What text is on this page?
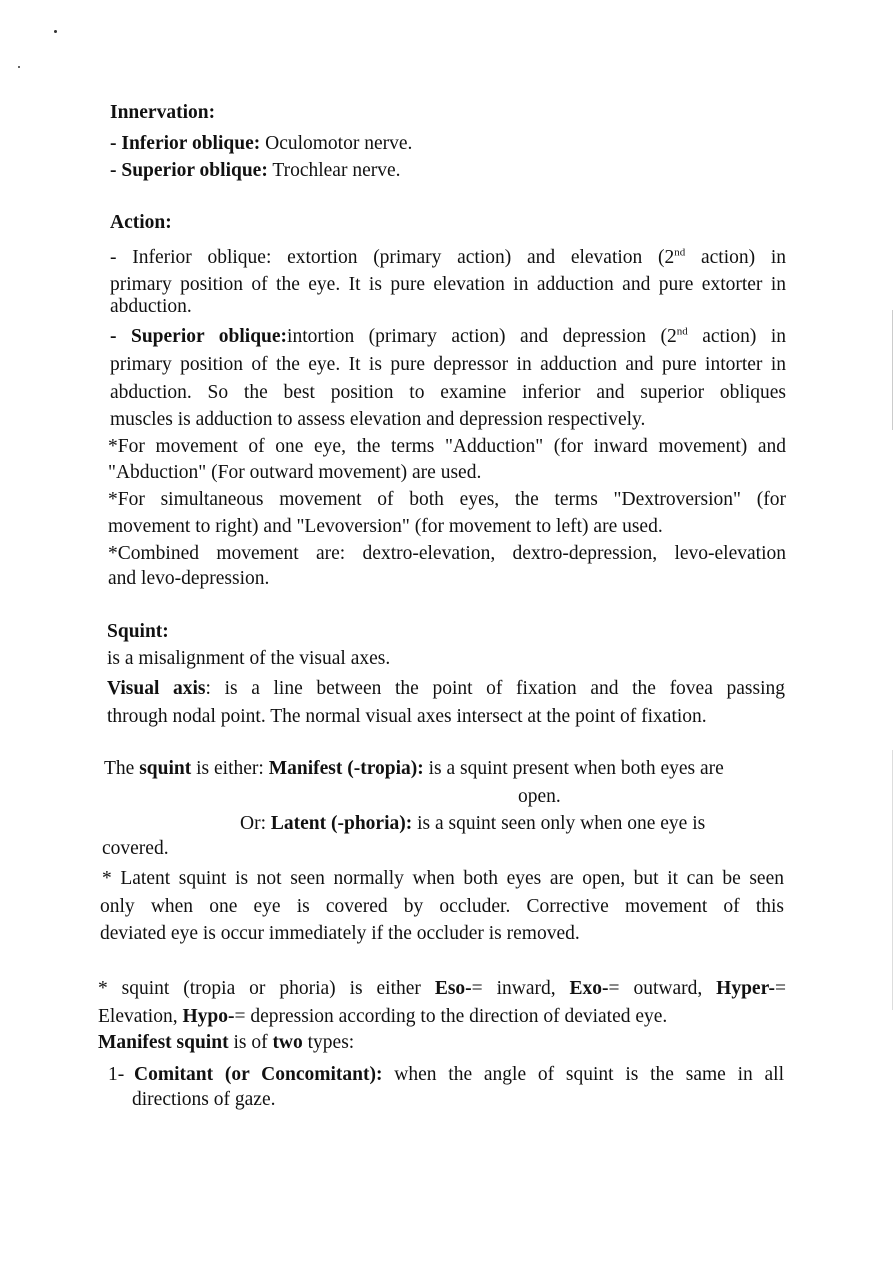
Innervation:
- Inferior oblique: Oculomotor nerve.
- Superior oblique: Trochlear nerve.
Action:
- Inferior oblique: extortion (primary action) and elevation (2nd action) in
primary position of the eye. It is pure elevation in adduction and pure extorter in
abduction.
- Superior oblique:intortion (primary action) and depression (2nd action) in
primary position of the eye. It is pure depressor in adduction and pure intorter in
abduction. So the best position to examine inferior and superior obliques
muscles is adduction to assess elevation and depression respectively.
*For movement of one eye, the terms "Adduction" (for inward movement) and
"Abduction" (For outward movement) are used.
*For simultaneous movement of both eyes, the terms "Dextroversion" (for
movement to right) and "Levoversion" (for movement to left) are used.
*Combined movement are: dextro-elevation, dextro-depression, levo-elevation
and levo-depression.
Squint:
is a misalignment of the visual axes.
Visual axis: is a line between the point of fixation and the fovea passing
through nodal point. The normal visual axes intersect at the point of fixation.
The squint is either: Manifest (-tropia): is a squint present when both eyes are
open.
Or: Latent (-phoria): is a squint seen only when one eye is
covered.
* Latent squint is not seen normally when both eyes are open, but it can be seen
only when one eye is covered by occluder. Corrective movement of this
deviated eye is occur immediately if the occluder is removed.
* squint (tropia or phoria) is either Eso-= inward, Exo-= outward, Hyper-=
Elevation, Hypo-= depression according to the direction of deviated eye.
Manifest squint is of two types:
1- Comitant (or Concomitant): when the angle of squint is the same in all
directions of gaze.
